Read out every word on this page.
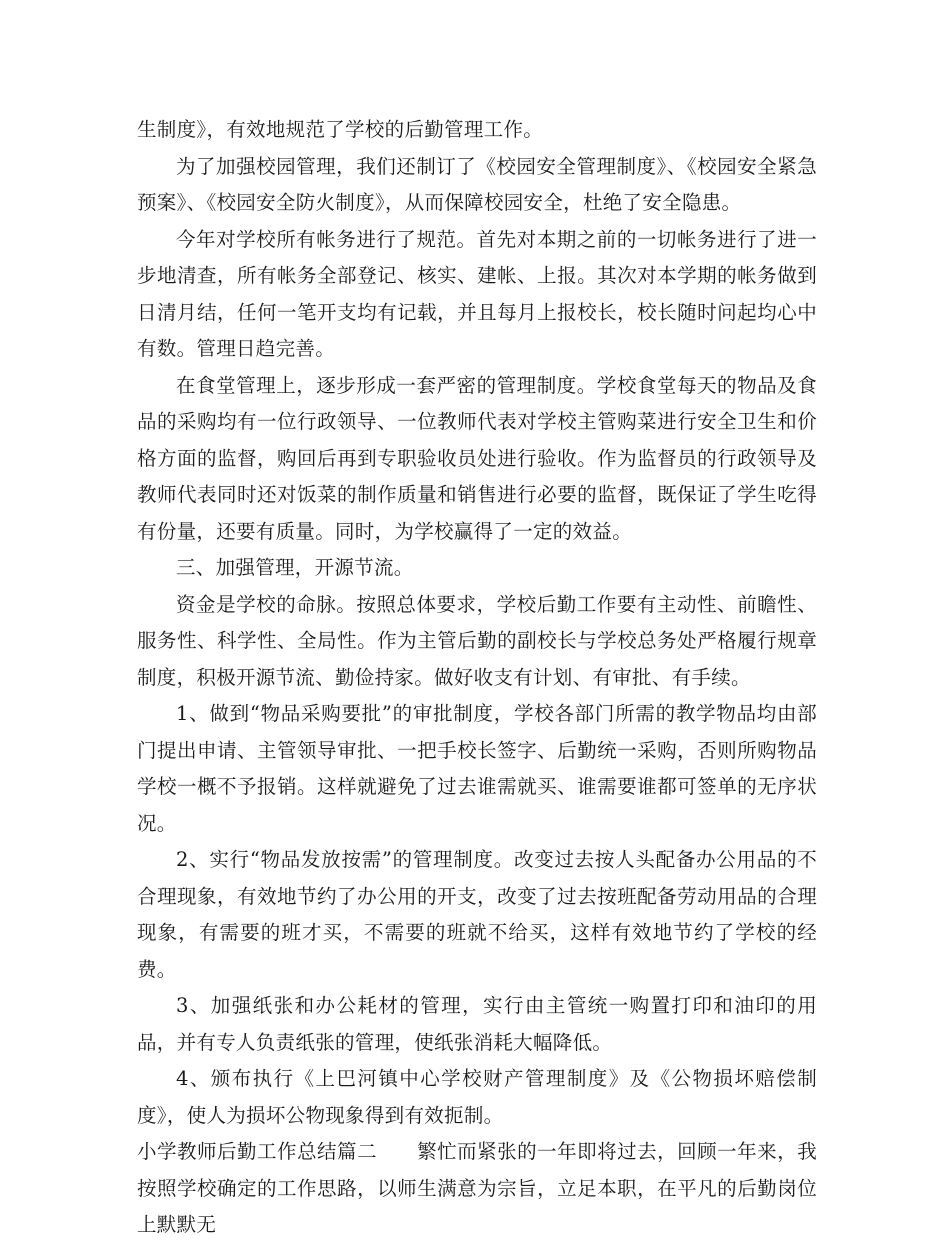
生制度》，有效地规范了学校的后勤管理工作。

为了加强校园管理，我们还制订了《校园安全管理制度》、《校园安全紧急预案》、《校园安全防火制度》，从而保障校园安全，杜绝了安全隐患。

今年对学校所有帐务进行了规范。首先对本期之前的一切帐务进行了进一步地清查，所有帐务全部登记、核实、建帐、上报。其次对本学期的帐务做到日清月结，任何一笔开支均有记载，并且每月上报校长，校长随时问起均心中有数。管理日趋完善。

在食堂管理上，逐步形成一套严密的管理制度。学校食堂每天的物品及食品的采购均有一位行政领导、一位教师代表对学校主管购菜进行安全卫生和价格方面的监督，购回后再到专职验收员处进行验收。作为监督员的行政领导及教师代表同时还对饭菜的制作质量和销售进行必要的监督，既保证了学生吃得有份量，还要有质量。同时，为学校赢得了一定的效益。

三、加强管理，开源节流。

资金是学校的命脉。按照总体要求，学校后勤工作要有主动性、前瞻性、服务性、科学性、全局性。作为主管后勤的副校长与学校总务处严格履行规章制度，积极开源节流、勤俭持家。做好收支有计划、有审批、有手续。

1、做到“物品采购要批”的审批制度，学校各部门所需的教学物品均由部门提出申请、主管领导审批、一把手校长签字、后勤统一采购，否则所购物品学校一概不予报销。这样就避免了过去谁需就买、谁需要谁都可签单的无序状况。

2、实行“物品发放按需”的管理制度。改变过去按人头配备办公用品的不合理现象，有效地节约了办公用的开支，改变了过去按班配备劳动用品的合理现象，有需要的班才买，不需要的班就不给买，这样有效地节约了学校的经费。

3、加强纸张和办公耗材的管理，实行由主管统一购置打印和油印的用品，并有专人负责纸张的管理，使纸张消耗大幅降低。

4、颁布执行《上巴河镇中心学校财产管理制度》及《公物损坏赔偿制度》，使人为损坏公物现象得到有效扼制。

小学教师后勤工作总结篇二　　繁忙而紧张的一年即将过去，回顾一年来，我按照学校确定的工作思路，以师生满意为宗旨，立足本职，在平凡的后勤岗位上默默无
